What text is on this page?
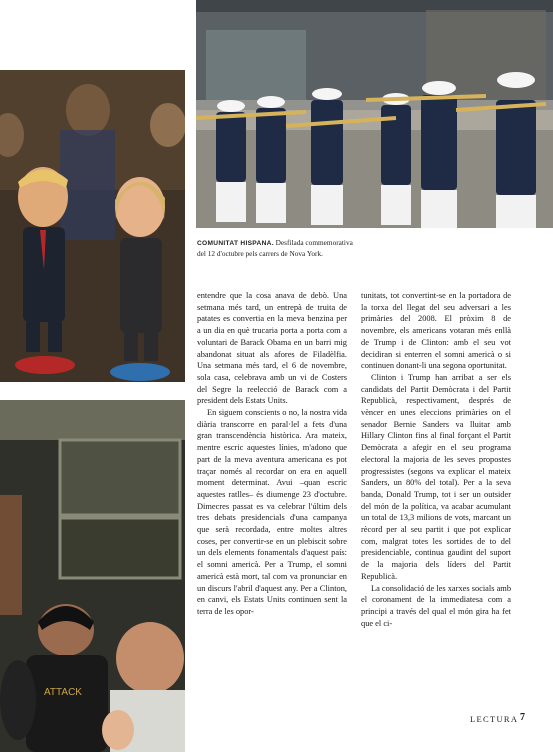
COMUNITAT HISPANA. Desfilada commemorativa del 12 d'octubre pels carrers de Nova York.
ATTACK

entendre que la cosa anava de debò. Una setmana més tard, un entrepà de truita de patates es convertia en la meva benzina per a un dia en què trucaria porta a porta com a voluntari de Barack Obama en un barri mig abandonat situat als afores de Filadèlfia. Una setmana més tard, el 6 de novembre, sola casa, celebrava amb un vi de Costers del Segre la reelecció de Barack com a president dels Estats Units.

En siguem conscients o no, la nostra vida diària transcorre en paral·lel a fets d'una gran transcendència històrica. Ara mateix, mentre escric aquestes línies, m'adono que part de la meva aventura americana es pot traçar només al recordar on era en aquell moment determinat. Avui –quan escric aquestes ratlles– és diumenge 23 d'octubre. Dimecres passat es va celebrar l'últim dels tres debats presidencials d'una campanya que serà recordada, entre moltes altres coses, per convertir-se en un plebiscit sobre un dels elements fonamentals d'aquest país: el somni americà. Per a Trump, el somni americà està mort, tal com va pronunciar en un discurs l'abril d'aquest any. Per a Clinton, en canvi, els Estats Units continuen sent la terra de les opor-

tunitats, tot convertint-se en la portadora de la torxa del llegat del seu adversari a les primàries del 2008. El pròxim 8 de novembre, els americans votaran més enllà de Trump i de Clinton: amb el seu vot decidiran si enterren el somni americà o si continuen donant-li una segona oportunitat.

Clinton i Trump han arribat a ser els candidats del Partit Demòcrata i del Partit Republicà, respectivament, després de vèncer en unes eleccions primàries on el senador Bernie Sanders va lluitar amb Hillary Clinton fins al final forçant el Partit Demòcrata a afegir en el seu programa electoral la majoria de les seves propostes progressistes (segons va explicar el mateix Sanders, un 80% del total). Per a la seva banda, Donald Trump, tot i ser un outsider del món de la política, va acabar acumulant un total de 13,3 milions de vots, marcant un rècord per al seu partit i que pot explicar com, malgrat totes les sortides de to del presidenciable, continua gaudint del suport de la majoria dels líders del Partit Republicà.

La consolidació de les xarxes socials amb el coronament de la immediatesa com a principi a través del qual el món gira ha fet que el ci-

LECTURA 7
